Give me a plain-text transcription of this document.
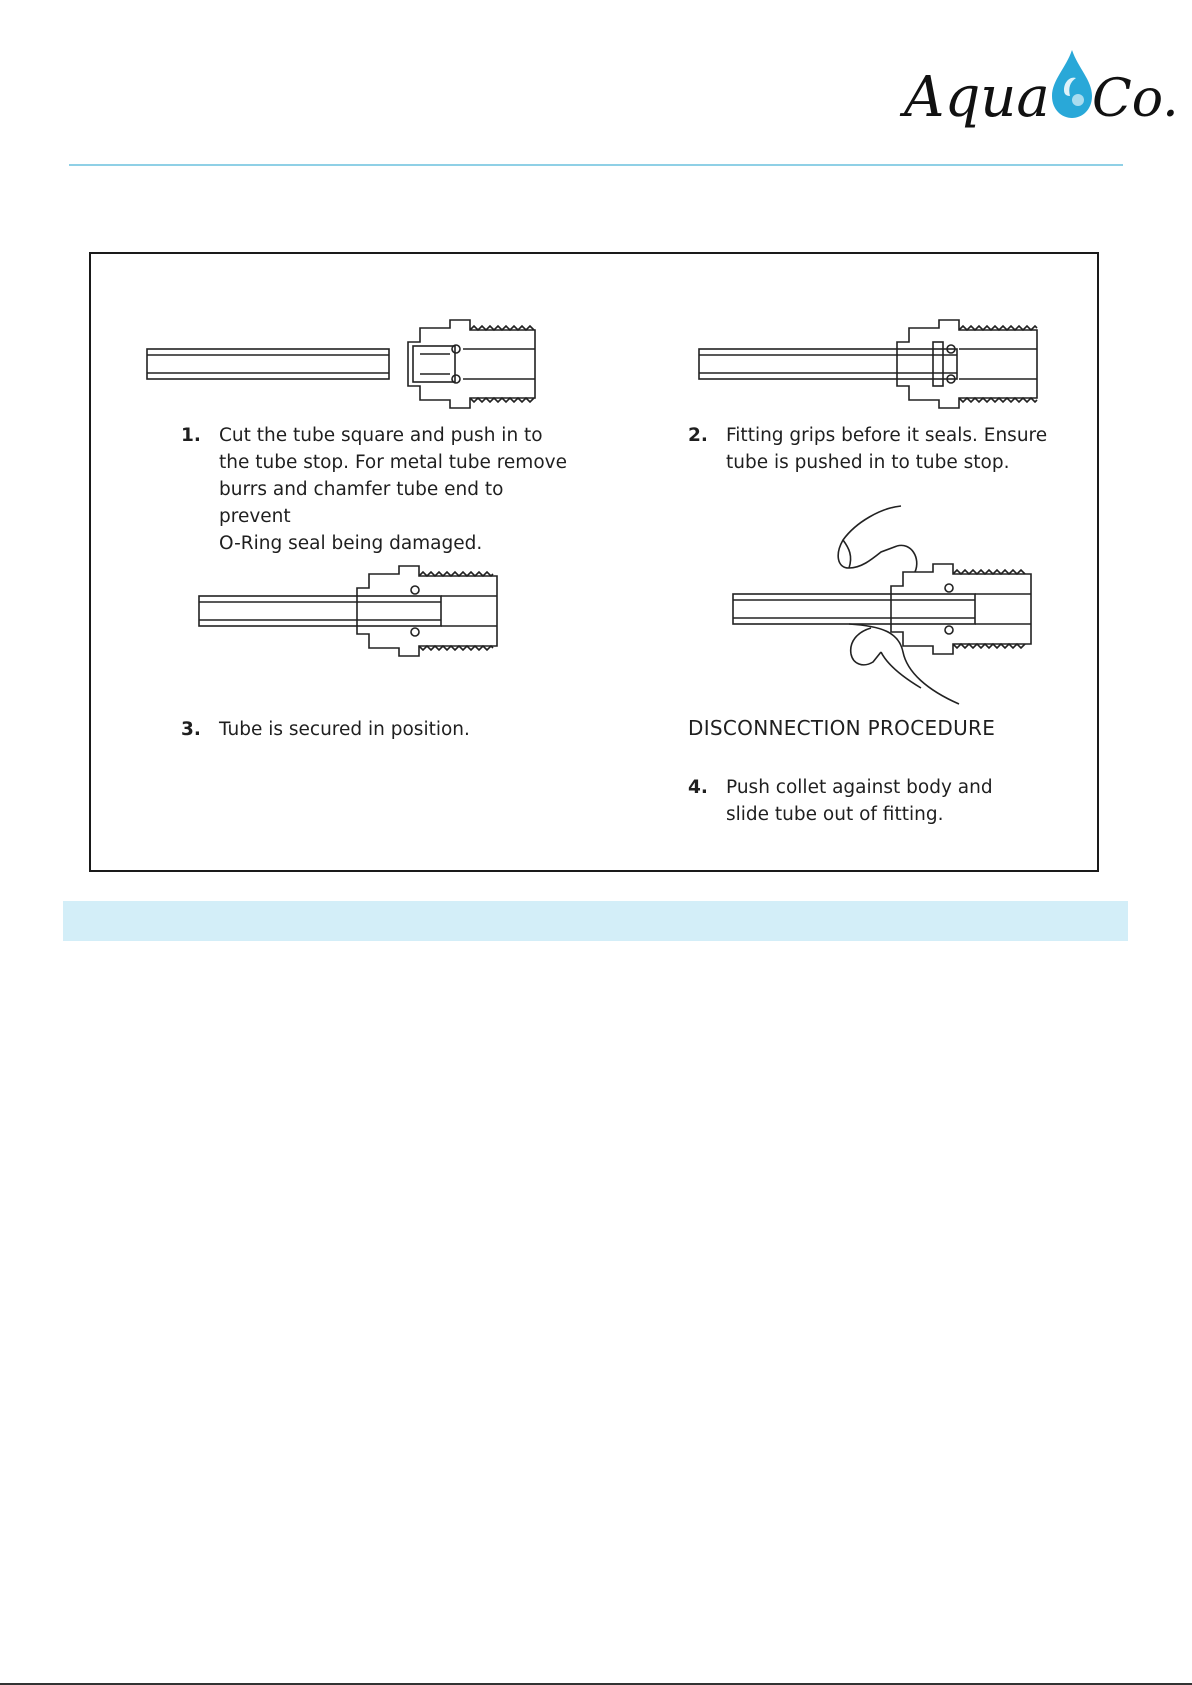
Aqua Co.
1. Cut the tube square and push in to
the tube stop. For metal tube remove
burrs and chamfer tube end to prevent
O-Ring seal being damaged.
2. Fitting grips before it seals. Ensure
tube is pushed in to tube stop.
3. Tube is secured in position.	DISCONNECTION PROCEDURE
4. Push collet against body and
slide tube out of fitting.
